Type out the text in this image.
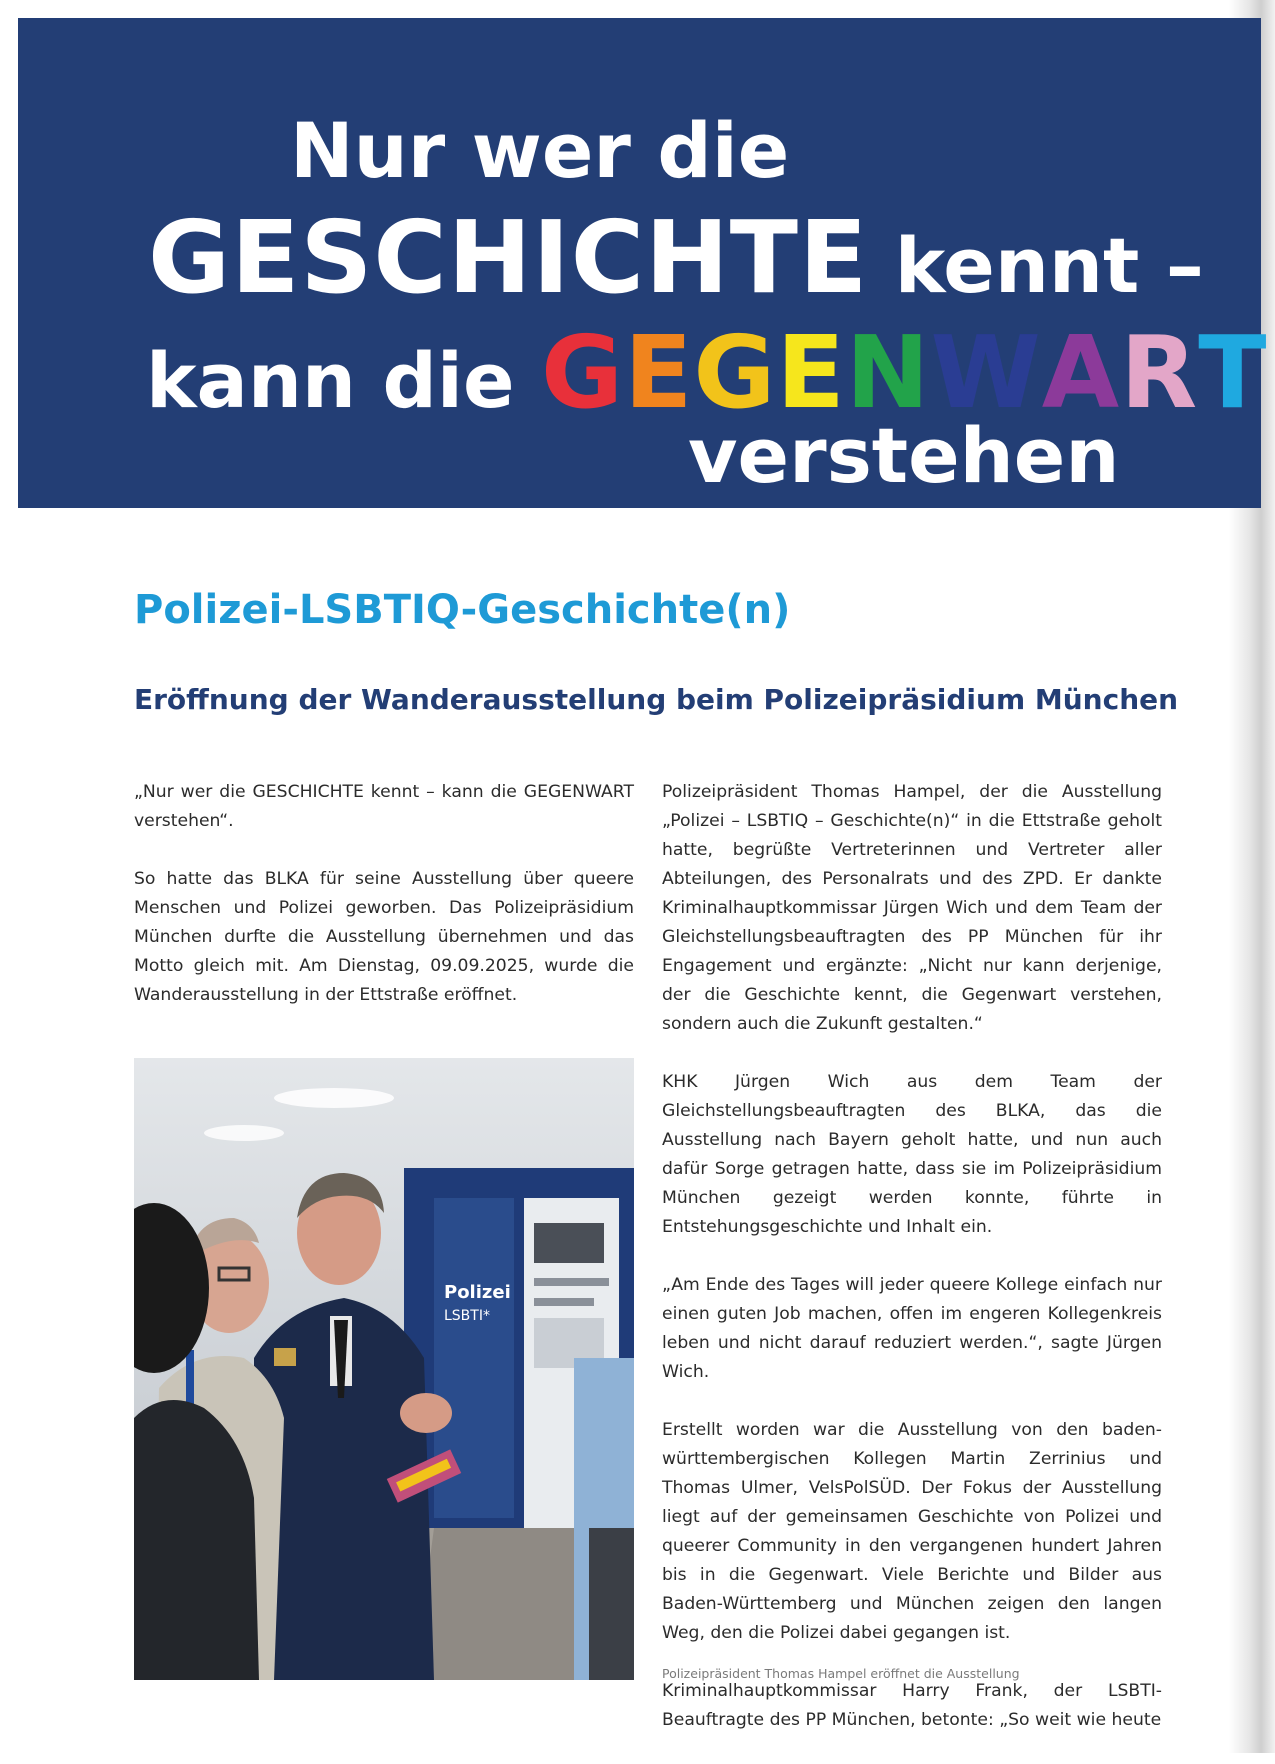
Nur wer die
GESCHICHTE kennt –
kann die GEGENWART
verstehen
Polizei-LSBTIQ-Geschichte(n)
Eröffnung der Wanderausstellung beim Polizeipräsidium München

„Nur wer die GESCHICHTE kennt – kann die GEGENWART verstehen“.

So hatte das BLKA für seine Ausstellung über queere Menschen und Polizei geworben. Das Polizeipräsidium München durfte die Ausstellung übernehmen und das Motto gleich mit. Am Dienstag, 09.09.2025, wurde die Wanderausstellung in der Ettstraße eröffnet.

Polizei
LSBTI*

Polizeipräsident Thomas Hampel, der die Ausstellung „Polizei – LSBTIQ – Geschichte(n)“ in die Ettstraße geholt hatte, begrüßte Vertreterinnen und Vertreter aller Abteilungen, des Personalrats und des ZPD. Er dankte Kriminalhauptkommissar Jürgen Wich und dem Team der Gleichstellungsbeauftragten des PP München für ihr Engagement und ergänzte: „Nicht nur kann derjenige, der die Geschichte kennt, die Gegenwart verstehen, sondern auch die Zukunft gestalten.“

KHK Jürgen Wich aus dem Team der Gleichstellungsbeauftragten des BLKA, das die Ausstellung nach Bayern geholt hatte, und nun auch dafür Sorge getragen hatte, dass sie im Polizeipräsidium München gezeigt werden konnte, führte in Entstehungsgeschichte und Inhalt ein.

„Am Ende des Tages will jeder queere Kollege einfach nur einen guten Job machen, offen im engeren Kollegenkreis leben und nicht darauf reduziert werden.“, sagte Jürgen Wich.

Erstellt worden war die Ausstellung von den baden-württembergischen Kollegen Martin Zerrinius und Thomas Ulmer, VelsPolSÜD. Der Fokus der Ausstellung liegt auf der gemeinsamen Geschichte von Polizei und queerer Community in den vergangenen hundert Jahren bis in die Gegenwart. Viele Berichte und Bilder aus Baden-Württemberg und München zeigen den langen Weg, den die Polizei dabei gegangen ist.

Kriminalhauptkommissar Harry Frank, der LSBTI-Beauftragte des PP München, betonte: „So weit wie heute

Polizeipräsident Thomas Hampel eröffnet die Ausstellung
